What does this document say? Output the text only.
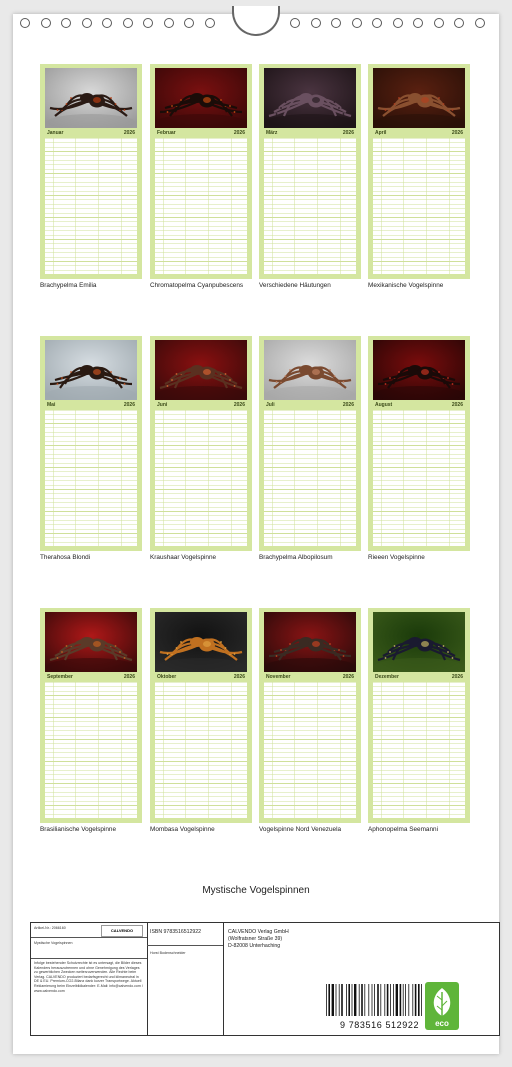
Januar	2026
Brachypelma Emilia
Februar	2026
Chromatopelma Cyanpubescens
März	2026
Verschiedene Häutungen
April	2026
Mexikanische Vogelspinne
Mai	2026
Therahosa Blondi
Juni	2026
Kraushaar Vogelspinne
Juli	2026
Brachypelma Albopilosum
August	2026
Rieeen Vogelspinne
September	2026
Brasilianische Vogelspinne
Oktober	2026
Mombasa Vogelspinne
November	2026
Vogelspinne Nord Venezuela
Dezember	2026
Aphonopelma Seemanni
Mystische Vogelspinnen
Artikel-Nr.: 2066160	CALVENDO
Mystische Vogelspinnen
Infolge bestehender Schutzrechte ist es untersagt, die Bilder dieses Kalenders herauszutrennen und ohne Genehmigung des Verlages zu gewerblichen Zwecken weiterzuverwenden. Alle Rechte beim Verlag. CALVENDO produziert bedarfsgerecht und klimaneutral in DE & EU. Premium-CO2-Bilanz dank kurzer Transportwege. Aktuell Reklamierung beim Einzelbildkalender: E-Mail: info@calvendo.com / www.calvendo.com
ISBN 9783516512922
Horst Bodenschneider
CALVENDO Verlag GmbH
(Wolfratsner Straße 39)
D-82008 Unterhaching
9 783516 512922	eco
